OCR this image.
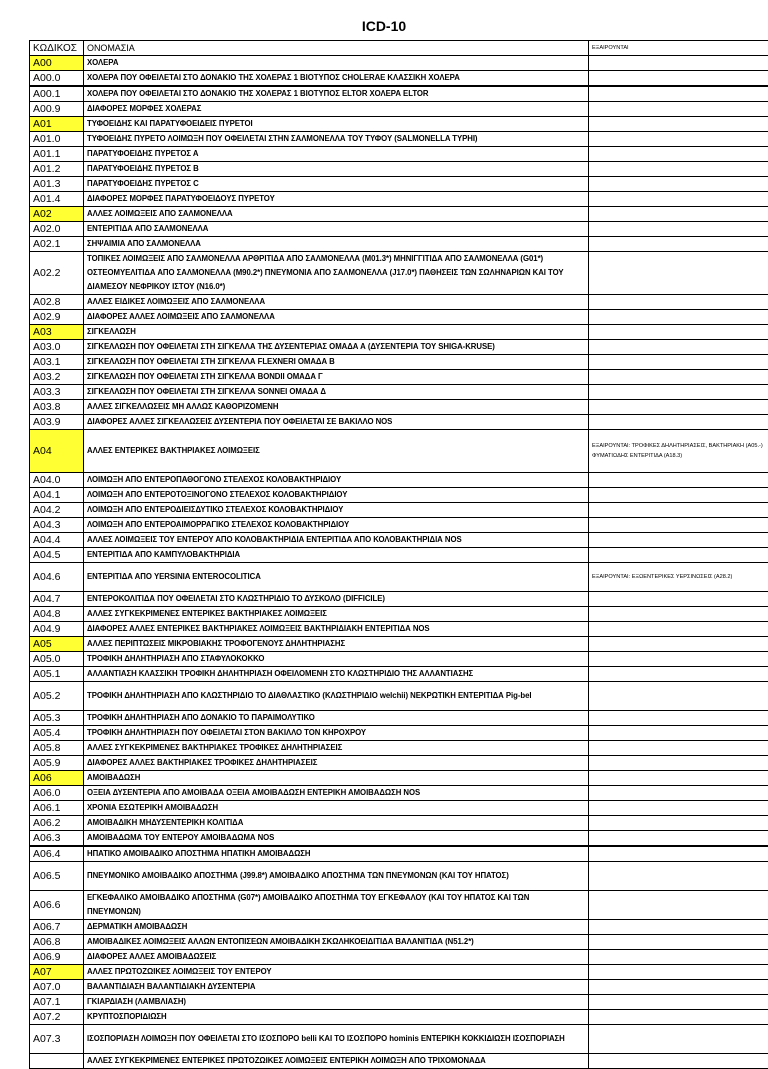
ICD-10
ΚΩΔΙΚΟΣ	ΟΝΟΜΑΣΙΑ	ΕΞΑΙΡΟΥΝΤΑΙ
A00	ΧΟΛΕΡΑ	
A00.0	ΧΟΛΕΡΑ ΠΟΥ ΟΦΕΙΛΕΤΑΙ ΣΤΟ ΔΟΝΑΚΙΟ ΤΗΣ ΧΟΛΕΡΑΣ 1 ΒΙΟΤΥΠΟΣ CHOLERAE ΚΛΑΣΣΙΚΗ ΧΟΛΕΡΑ	
A00.1	ΧΟΛΕΡΑ ΠΟΥ ΟΦΕΙΛΕΤΑΙ ΣΤΟ ΔΟΝΑΚΙΟ ΤΗΣ ΧΟΛΕΡΑΣ 1 ΒΙΟΤΥΠΟΣ ELTOR ΧΟΛΕΡΑ ELTOR	
A00.9	ΔΙΑΦΟΡΕΣ ΜΟΡΦΕΣ ΧΟΛΕΡΑΣ	
A01	ΤΥΦΟΕΙΔΗΣ ΚΑΙ ΠΑΡΑΤΥΦΟΕΙΔΕΙΣ ΠΥΡΕΤΟΙ	
A01.0	ΤΥΦΟΕΙΔΗΣ ΠΥΡΕΤΟ ΛΟΙΜΩΞΗ ΠΟΥ ΟΦΕΙΛΕΤΑΙ ΣΤΗΝ ΣΑΛΜΟΝΕΛΛΑ ΤΟΥ ΤΥΦΟΥ (SALMONELLA TYPHI)	
A01.1	ΠΑΡΑΤΥΦΟΕΙΔΗΣ ΠΥΡΕΤΟΣ Α	
A01.2	ΠΑΡΑΤΥΦΟΕΙΔΗΣ ΠΥΡΕΤΟΣ Β	
A01.3	ΠΑΡΑΤΥΦΟΕΙΔΗΣ ΠΥΡΕΤΟΣ C	
A01.4	ΔΙΑΦΟΡΕΣ ΜΟΡΦΕΣ ΠΑΡΑΤΥΦΟΕΙΔΟΥΣ ΠΥΡΕΤΟΥ	
A02	ΑΛΛΕΣ ΛΟΙΜΩΞΕΙΣ ΑΠΟ ΣΑΛΜΟΝΕΛΛΑ	
A02.0	ΕΝΤΕΡΙΤΙΔΑ ΑΠΟ ΣΑΛΜΟΝΕΛΛΑ	
A02.1	ΣΗΨΑΙΜΙΑ ΑΠΟ ΣΑΛΜΟΝΕΛΛΑ	
A02.2	ΤΟΠΙΚΕΣ ΛΟΙΜΩΞΕΙΣ ΑΠΟ ΣΑΛΜΟΝΕΛΛΑ ΑΡΘΡΙΤΙΔΑ ΑΠΟ ΣΑΛΜΟΝΕΛΛΑ (M01.3*) ΜΗΝΙΓΓΙΤΙΔΑ ΑΠΟ ΣΑΛΜΟΝΕΛΛΑ (G01*) ΟΣΤΕΟΜΥΕΛΙΤΙΔΑ ΑΠΟ ΣΑΛΜΟΝΕΛΛΑ (M90.2*) ΠΝΕΥΜΟΝΙΑ ΑΠΟ ΣΑΛΜΟΝΕΛΛΑ (J17.0*) ΠΑΘΗΣΕΙΣ ΤΩΝ ΣΩΛΗΝΑΡΙΩΝ ΚΑΙ ΤΟΥ ΔΙΑΜΕΣΟΥ ΝΕΦΡΙΚΟΥ ΙΣΤΟΥ (N16.0*)	
A02.8	ΑΛΛΕΣ ΕΙΔΙΚΕΣ ΛΟΙΜΩΞΕΙΣ ΑΠΟ ΣΑΛΜΟΝΕΛΛΑ	
A02.9	ΔΙΑΦΟΡΕΣ ΑΛΛΕΣ ΛΟΙΜΩΞΕΙΣ ΑΠΟ ΣΑΛΜΟΝΕΛΛΑ	
A03	ΣΙΓΚΕΛΛΩΣΗ	
A03.0	ΣΙΓΚΕΛΛΩΣΗ ΠΟΥ ΟΦΕΙΛΕΤΑΙ ΣΤΗ ΣΙΓΚΕΛΛΑ ΤΗΣ ΔΥΣΕΝΤΕΡΙΑΣ ΟΜΑΔΑ Α (ΔΥΣΕΝΤΕΡΙΑ ΤΟΥ SHIGA-KRUSE)	
A03.1	ΣΙΓΚΕΛΛΩΣΗ ΠΟΥ ΟΦΕΙΛΕΤΑΙ ΣΤΗ ΣΙΓΚΕΛΛΑ FLEXNERI ΟΜΑΔΑ Β	
A03.2	ΣΙΓΚΕΛΛΩΣΗ ΠΟΥ ΟΦΕΙΛΕΤΑΙ ΣΤΗ ΣΙΓΚΕΛΛΑ BONDII ΟΜΑΔΑ Γ	
A03.3	ΣΙΓΚΕΛΛΩΣΗ ΠΟΥ ΟΦΕΙΛΕΤΑΙ ΣΤΗ ΣΙΓΚΕΛΛΑ SONNEI ΟΜΑΔΑ Δ	
A03.8	ΑΛΛΕΣ ΣΙΓΚΕΛΛΩΣΕΙΣ ΜΗ ΑΛΛΩΣ ΚΑΘΟΡΙΖΟΜΕΝΗ	
A03.9	ΔΙΑΦΟΡΕΣ ΑΛΛΕΣ ΣΙΓΚΕΛΛΩΣΕΙΣ ΔΥΣΕΝΤΕΡΙΑ ΠΟΥ ΟΦΕΙΛΕΤΑΙ ΣΕ ΒΑΚΙΛΛΟ NOS	
A04	ΑΛΛΕΣ ΕΝΤΕΡΙΚΕΣ ΒΑΚΤΗΡΙΑΚΕΣ ΛΟΙΜΩΞΕΙΣ	ΕΞΑΙΡΟΥΝΤΑΙ: ΤΡΟΦΙΚΕΣ ΔΗΛΗΤΗΡΙΑΣΕΙΣ, ΒΑΚΤΗΡΙΑΚΗ (Α05.-) ΦΥΜΑΤΙΩΔΗΣ ΕΝΤΕΡΙΤΙΔΑ (Α18.3)
A04.0	ΛΟΙΜΩΞΗ ΑΠΟ ΕΝΤΕΡΟΠΑΘΟΓΟΝΟ ΣΤΕΛΕΧΟΣ ΚΟΛΟΒΑΚΤΗΡΙΔΙΟΥ	
A04.1	ΛΟΙΜΩΞΗ ΑΠΟ ΕΝΤΕΡΟΤΟΞΙΝΟΓΟΝΟ ΣΤΕΛΕΧΟΣ ΚΟΛΟΒΑΚΤΗΡΙΔΙΟΥ	
A04.2	ΛΟΙΜΩΞΗ ΑΠΟ ΕΝΤΕΡΟΔΙΕΙΣΔΥΤΙΚΟ ΣΤΕΛΕΧΟΣ ΚΟΛΟΒΑΚΤΗΡΙΔΙΟΥ	
A04.3	ΛΟΙΜΩΞΗ ΑΠΟ ΕΝΤΕΡΟΑΙΜΟΡΡΑΓΙΚΟ ΣΤΕΛΕΧΟΣ ΚΟΛΟΒΑΚΤΗΡΙΔΙΟΥ	
A04.4	ΑΛΛΕΣ ΛΟΙΜΩΞΕΙΣ ΤΟΥ ΕΝΤΕΡΟΥ ΑΠΟ ΚΟΛΟΒΑΚΤΗΡΙΔΙΑ ΕΝΤΕΡΙΤΙΔΑ ΑΠΟ ΚΟΛΟΒΑΚΤΗΡΙΔΙΑ NOS	
A04.5	ΕΝΤΕΡΙΤΙΔΑ ΑΠΟ ΚΑΜΠΥΛΟΒΑΚΤΗΡΙΔΙΑ	
A04.6	ΕΝΤΕΡΙΤΙΔΑ ΑΠΟ YERSINIA ENTEROCOLITICA	ΕΞΑΙΡΟΥΝΤΑΙ: ΕΞΩΕΝΤΕΡΙΚΕΣ ΥΕΡΣΙΝΩΣΕΙΣ (Α28.2)
A04.7	ΕΝΤΕΡΟΚΟΛΙΤΙΔΑ ΠΟΥ ΟΦΕΙΛΕΤΑΙ ΣΤΟ ΚΛΩΣΤΗΡΙΔΙΟ ΤΟ ΔΥΣΚΟΛΟ (DIFFICILE)	
A04.8	ΑΛΛΕΣ ΣΥΓΚΕΚΡΙΜΕΝΕΣ ΕΝΤΕΡΙΚΕΣ ΒΑΚΤΗΡΙΑΚΕΣ ΛΟΙΜΩΞΕΙΣ	
A04.9	ΔΙΑΦΟΡΕΣ ΑΛΛΕΣ ΕΝΤΕΡΙΚΕΣ ΒΑΚΤΗΡΙΑΚΕΣ ΛΟΙΜΩΞΕΙΣ ΒΑΚΤΗΡΙΔΙΑΚΗ ΕΝΤΕΡΙΤΙΔΑ NOS	
A05	ΑΛΛΕΣ ΠΕΡΙΠΤΩΣΕΙΣ ΜΙΚΡΟΒΙΑΚΗΣ ΤΡΟΦΟΓΕΝΟΥΣ ΔΗΛΗΤΗΡΙΑΣΗΣ	
A05.0	ΤΡΟΦΙΚΗ ΔΗΛΗΤΗΡΙΑΣΗ ΑΠΟ ΣΤΑΦΥΛΟΚΟΚΚΟ	
A05.1	ΑΛΛΑΝΤΙΑΣΗ ΚΛΑΣΣΙΚΗ ΤΡΟΦΙΚΗ ΔΗΛΗΤΗΡΙΑΣΗ ΟΦΕΙΛΟΜΕΝΗ ΣΤΟ ΚΛΩΣΤΗΡΙΔΙΟ ΤΗΣ ΑΛΛΑΝΤΙΑΣΗΣ	
A05.2	ΤΡΟΦΙΚΗ ΔΗΛΗΤΗΡΙΑΣΗ ΑΠΟ ΚΛΩΣΤΗΡΙΔΙΟ ΤΟ ΔΙΑΘΛΑΣΤΙΚΟ (ΚΛΩΣΤΗΡΙΔΙΟ welchii) ΝΕΚΡΩΤΙΚΗ ΕΝΤΕΡΙΤΙΔΑ Pig-bel	
A05.3	ΤΡΟΦΙΚΗ ΔΗΛΗΤΗΡΙΑΣΗ ΑΠΟ ΔΟΝΑΚΙΟ ΤΟ ΠΑΡΑΙΜΟΛΥΤΙΚΟ	
A05.4	ΤΡΟΦΙΚΗ ΔΗΛΗΤΗΡΙΑΣΗ ΠΟΥ ΟΦΕΙΛΕΤΑΙ ΣΤΟΝ ΒΑΚΙΛΛΟ ΤΟΝ ΚΗΡΟΧΡΟΥ	
A05.8	ΑΛΛΕΣ ΣΥΓΚΕΚΡΙΜΕΝΕΣ ΒΑΚΤΗΡΙΑΚΕΣ ΤΡΟΦΙΚΕΣ ΔΗΛΗΤΗΡΙΑΣΕΙΣ	
A05.9	ΔΙΑΦΟΡΕΣ ΑΛΛΕΣ ΒΑΚΤΗΡΙΑΚΕΣ ΤΡΟΦΙΚΕΣ ΔΗΛΗΤΗΡΙΑΣΕΙΣ	
A06	ΑΜΟΙΒΑΔΩΣΗ	
A06.0	ΟΞΕΙΑ ΔΥΣΕΝΤΕΡΙΑ ΑΠΟ ΑΜΟΙΒΑΔΑ ΟΞΕΙΑ ΑΜΟΙΒΑΔΩΣΗ ΕΝΤΕΡΙΚΗ ΑΜΟΙΒΑΔΩΣΗ NOS	
A06.1	ΧΡΟΝΙΑ ΕΣΩΤΕΡΙΚΗ ΑΜΟΙΒΑΔΩΣΗ	
A06.2	ΑΜΟΙΒΑΔΙΚΗ ΜΗΔΥΣΕΝΤΕΡΙΚΗ ΚΟΛΙΤΙΔΑ	
A06.3	ΑΜΟΙΒΑΔΩΜΑ ΤΟΥ ΕΝΤΕΡΟΥ ΑΜΟΙΒΑΔΩΜΑ NOS	
A06.4	ΗΠΑΤΙΚΟ ΑΜΟΙΒΑΔΙΚΟ ΑΠΟΣΤΗΜΑ ΗΠΑΤΙΚΗ ΑΜΟΙΒΑΔΩΣΗ	
A06.5	ΠΝΕΥΜΟΝΙΚΟ ΑΜΟΙΒΑΔΙΚΟ ΑΠΟΣΤΗΜΑ (J99.8*) ΑΜΟΙΒΑΔΙΚΟ ΑΠΟΣΤΗΜΑ ΤΩΝ ΠΝΕΥΜΟΝΩΝ (ΚΑΙ ΤΟΥ ΗΠΑΤΟΣ)	
A06.6	ΕΓΚΕΦΑΛΙΚΟ ΑΜΟΙΒΑΔΙΚΟ ΑΠΟΣΤΗΜΑ (G07*) ΑΜΟΙΒΑΔΙΚΟ ΑΠΟΣΤΗΜΑ ΤΟΥ ΕΓΚΕΦΑΛΟΥ (ΚΑΙ ΤΟΥ ΗΠΑΤΟΣ ΚΑΙ ΤΩΝ ΠΝΕΥΜΟΝΩΝ)	
A06.7	ΔΕΡΜΑΤΙΚΗ ΑΜΟΙΒΑΔΩΣΗ	
A06.8	ΑΜΟΙΒΑΔΙΚΕΣ ΛΟΙΜΩΞΕΙΣ ΑΛΛΩΝ ΕΝΤΟΠΙΣΕΩΝ ΑΜΟΙΒΑΔΙΚΗ ΣΚΩΛΗΚΟΕΙΔΙΤΙΔΑ ΒΑΛΑΝΙΤΙΔΑ (N51.2*)	
A06.9	ΔΙΑΦΟΡΕΣ ΑΛΛΕΣ ΑΜΟΙΒΑΔΩΣΕΙΣ	
A07	ΑΛΛΕΣ ΠΡΩΤΟΖΩΙΚΕΣ ΛΟΙΜΩΞΕΙΣ ΤΟΥ ΕΝΤΕΡΟΥ	
A07.0	ΒΑΛΑΝΤΙΔΙΑΣΗ ΒΑΛΑΝΤΙΔΙΑΚΗ ΔΥΣΕΝΤΕΡΙΑ	
A07.1	ΓΚΙΑΡΔΙΑΣΗ (ΛΑΜΒΛΙΑΣΗ)	
A07.2	ΚΡΥΠΤΟΣΠΟΡΙΔΙΩΣΗ	
A07.3	ΙΣΟΣΠΟΡΙΑΣΗ ΛΟΙΜΩΞΗ ΠΟΥ ΟΦΕΙΛΕΤΑΙ ΣΤΟ ΙΣΟΣΠΟΡΟ belli ΚΑΙ ΤΟ ΙΣΟΣΠΟΡΟ hominis ΕΝΤΕΡΙΚΗ ΚΟΚΚΙΔΙΩΣΗ ΙΣΟΣΠΟΡΙΑΣΗ	
	ΑΛΛΕΣ ΣΥΓΚΕΚΡΙΜΕΝΕΣ ΕΝΤΕΡΙΚΕΣ ΠΡΩΤΟΖΩΙΚΕΣ ΛΟΙΜΩΞΕΙΣ ΕΝΤΕΡΙΚΗ ΛΟΙΜΩΞΗ ΑΠΟ ΤΡΙΧΟΜΟΝΑΔΑ	
